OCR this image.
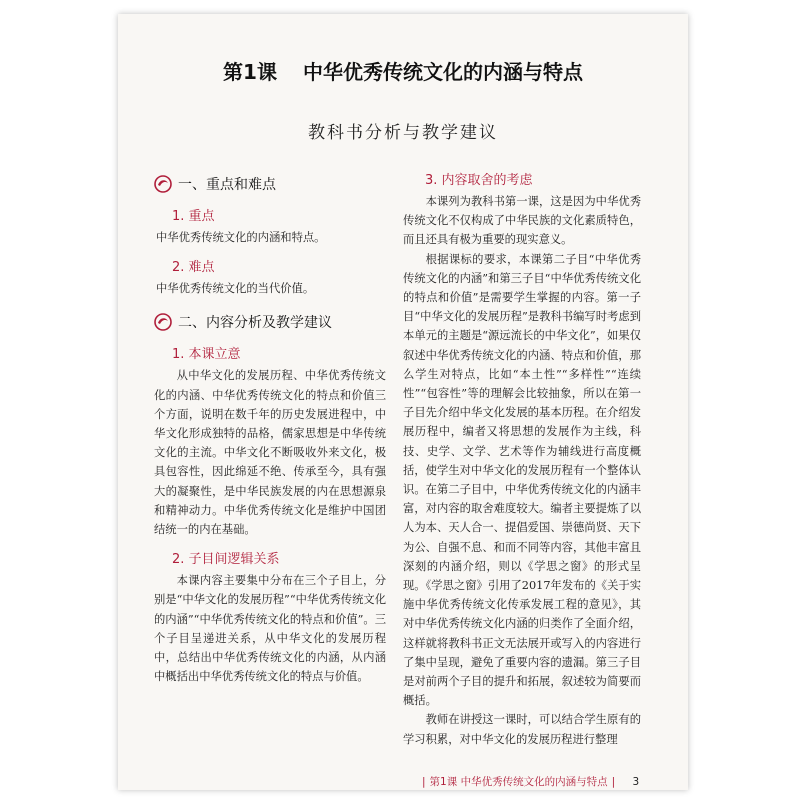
第1课 中华优秀传统文化的内涵与特点
教科书分析与教学建议
一、重点和难点
1. 重点

中华优秀传统文化的内涵和特点。

2. 难点

中华优秀传统文化的当代价值。

二、内容分析及教学建议
1. 本课立意

从中华文化的发展历程、中华优秀传统文化的内涵、中华优秀传统文化的特点和价值三个方面，说明在数千年的历史发展进程中，中华文化形成独特的品格，儒家思想是中华传统文化的主流。中华文化不断吸收外来文化，极具包容性，因此绵延不绝、传承至今，具有强大的凝聚性，是中华民族发展的内在思想源泉和精神动力。中华优秀传统文化是维护中国团结统一的内在基础。

2. 子目间逻辑关系

本课内容主要集中分布在三个子目上，分别是“中华文化的发展历程”“中华优秀传统文化的内涵”“中华优秀传统文化的特点和价值”。三个子目呈递进关系，从中华文化的发展历程中，总结出中华优秀传统文化的内涵，从内涵中概括出中华优秀传统文化的特点与价值。

3. 内容取舍的考虑

本课列为教科书第一课，这是因为中华优秀传统文化不仅构成了中华民族的文化素质特色，而且还具有极为重要的现实意义。

根据课标的要求，本课第二子目“中华优秀传统文化的内涵”和第三子目“中华优秀传统文化的特点和价值”是需要学生掌握的内容。第一子目“中华文化的发展历程”是教科书编写时考虑到本单元的主题是“源远流长的中华文化”，如果仅叙述中华优秀传统文化的内涵、特点和价值，那么学生对特点，比如“本土性”“多样性”“连续性”“包容性”等的理解会比较抽象，所以在第一子目先介绍中华文化发展的基本历程。在介绍发展历程中，编者又将思想的发展作为主线，科技、史学、文学、艺术等作为辅线进行高度概括，使学生对中华文化的发展历程有一个整体认识。在第二子目中，中华优秀传统文化的内涵丰富，对内容的取舍难度较大。编者主要提炼了以人为本、天人合一、提倡爱国、崇德尚贤、天下为公、自强不息、和而不同等内容，其他丰富且深刻的内涵介绍，则以《学思之窗》的形式呈现。《学思之窗》引用了2017年发布的《关于实施中华优秀传统文化传承发展工程的意见》，其对中华优秀传统文化内涵的归类作了全面介绍，这样就将教科书正文无法展开或写入的内容进行了集中呈现，避免了重要内容的遗漏。第三子目是对前两个子目的提升和拓展，叙述较为简要而概括。

教师在讲授这一课时，可以结合学生原有的学习积累，对中华文化的发展历程进行整理

| 第1课 中华优秀传统文化的内涵与特点 | 3
